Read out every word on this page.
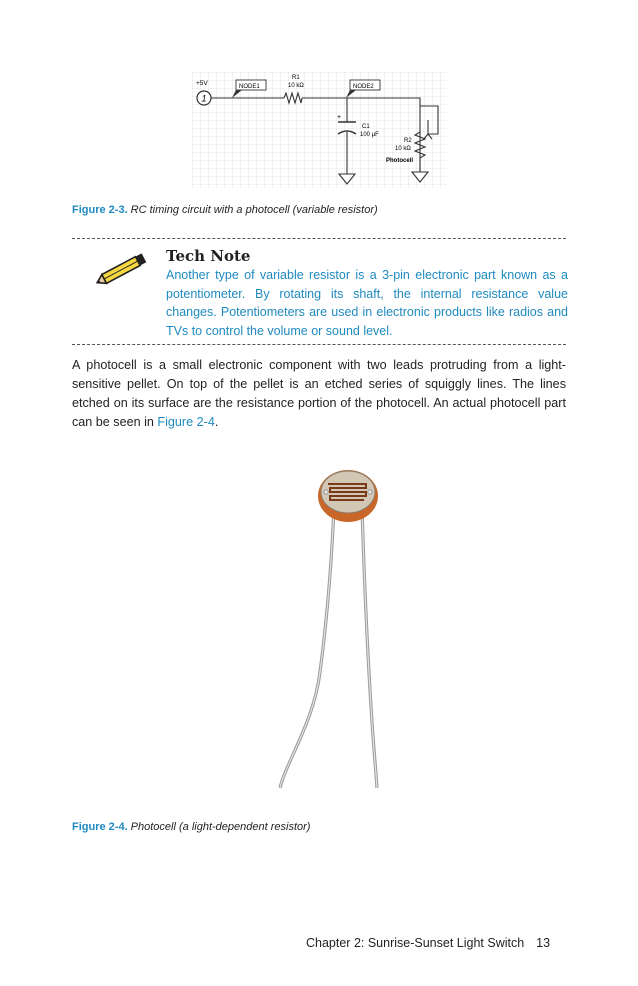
+5V
1
R1
10 kΩ
NODE1	NODE2
+
C1
100 µF
R2
10 kΩ
Photocell
Figure 2-3. RC timing circuit with a photocell (variable resistor)
Tech Note
Another type of variable resistor is a 3-pin electronic part known as a potentiometer. By rotating its shaft, the internal resistance value changes. Potentiometers are used in electronic products like radios and TVs to control the volume or sound level.
A photocell is a small electronic component with two leads protruding from a light-sensitive pellet. On top of the pellet is an etched series of squiggly lines. The lines etched on its surface are the resistance portion of the photocell. An actual photocell part can be seen in Figure 2-4.
Figure 2-4. Photocell (a light-dependent resistor)
Chapter 2: Sunrise-Sunset Light Switch 13
